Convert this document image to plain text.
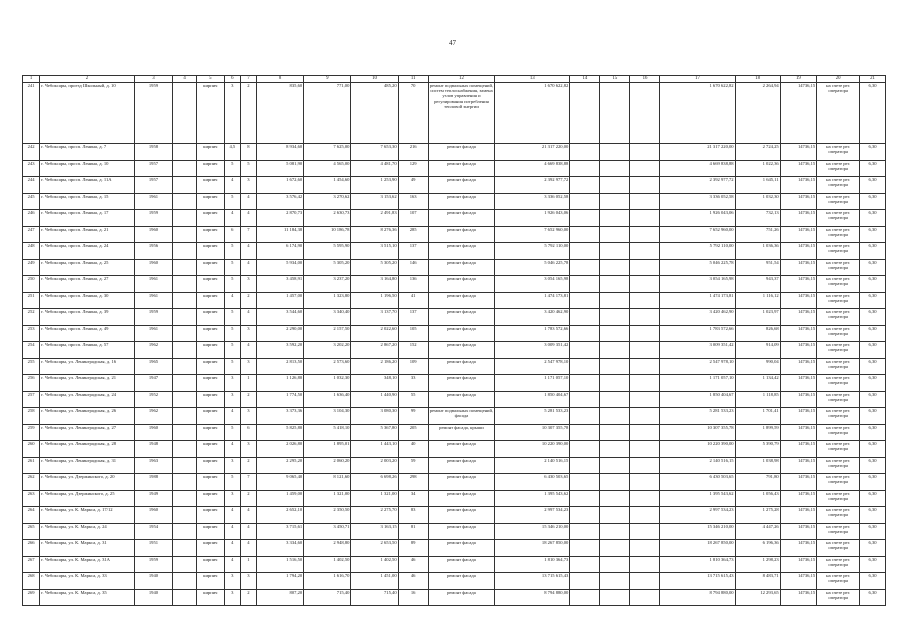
47
1	2	3	4	5	6	7	8	9	10	11	12	13	14	15	16	17	18	19	20	21
241	г. Чебоксары, проезд Школьный, д. 10	1959		кирпич	3	2	835,60	771,00	485,20	70	ремонт подвальных помещений, систем теплоснабжения, замена узлов управления и регулирования потребления тепловой энергии	1 670 622,82				1 670 622,82	2 264,94	14736,15	на счете рег. оператора	6,30
242	г. Чебоксары, просп. Ленина, д. 7	1958		кирпич	4,5	8	8 934,60	7 625,00	7 653,30	216	ремонт фасада	21 317 220,00				21 317 220,00	2 724,25	14736,15	на счете рег. оператора	6,30
243	г. Чебоксары, просп. Ленина, д. 10	1957		кирпич	5	5	5 081,90	4 565,00	4 481,70	129	ремонт фасада	4 669 838,88				4 669 838,88	1 022,36	14736,15	на счете рег. оператора	6,30
244	г. Чебоксары, просп. Ленина, д. 11А	1957		кирпич	4	3	1 672,60	1 454,60	1 253,90	49	ремонт фасада	2 392 977,72				2 392 977,72	1 645,11	14736,15	на счете рег. оператора	6,30
245	г. Чебоксары, просп. Ленина, д. 15	1961		кирпич	5	4	3 576,42	3 270,62	3 153,62	163	ремонт фасада	3 336 052,58				3 336 052,58	1 032,30	14736,15	на счете рег. оператора	6,30
246	г. Чебоксары, просп. Ленина, д. 17	1959		кирпич	4	4	2 870,73	2 630,73	2 491,83	107	ремонт фасада	1 926 043,06				1 926 043,06	732,13	14736,15	на счете рег. оператора	6,30
247	г. Чебоксары, просп. Ленина, д. 21	1960		кирпич	6	7	11 184,38	10 186,78	8 276,36	285	ремонт фасада	7 652 960,00				7 652 960,00	751,26	14736,15	на счете рег. оператора	6,30
248	г. Чебоксары, просп. Ленина, д. 24	1956		кирпич	5	4	6 174,90	5 595,90	3 515,10	137	ремонт фасада	5 792 110,00				5 792 110,00	1 036,36	14736,15	на счете рег. оператора	6,30
249	г. Чебоксары, просп. Ленина, д. 25	1960		кирпич	5	4	5 934,00	5 305,20	5 305,20	146	ремонт фасада	5 046 225,78				5 046 225,78	951,54	14736,15	на счете рег. оператора	6,30
250	г. Чебоксары, просп. Ленина, д. 27	1961		кирпич	5	3	3 458,91	3 237,20	3 164,80	136	ремонт фасада	3 054 165,98				3 054 165,98	943,37	14736,15	на счете рег. оператора	6,30
251	г. Чебоксары, просп. Ленина, д. 30	1961		кирпич	4	2	1 457,00	1 323,80	1 196,50	41	ремонт фасада	1 474 173,81				1 474 173,81	1 116,12	14736,15	на счете рег. оператора	6,30
252	г. Чебоксары, просп. Ленина, д. 39	1959		кирпич	5	4	3 544,60	3 340,40	3 137,70	137	ремонт фасада	3 420 462,90				3 420 462,90	1 023,97	14736,15	на счете рег. оператора	6,30
253	г. Чебоксары, просп. Ленина, д. 49	1961		кирпич	5	3	2 290,00	2 157,50	2 022,60	105	ремонт фасада	1 783 572,66				1 783 572,66	826,68	14736,15	на счете рег. оператора	6,30
254	г. Чебоксары, просп. Ленина, д. 57	1962		кирпич	5	4	3 592,20	3 202,20	2 867,20	152	ремонт фасада	3 009 351,42				3 009 351,42	914,09	14736,15	на счете рег. оператора	6,30
255	г. Чебоксары, ул. Ленинградская, д. 16	1965		кирпич	5	3	2 813,50	2 573,60	2 186,20	109	ремонт фасада	2 547 978,10				2 547 978,10	990,04	14736,15	на счете рег. оператора	6,30
256	г. Чебоксары, ул. Ленинградская, д. 21	1947		кирпич	3	1	1 126,80	1 032,30	348,10	33	ремонт фасада	1 171 057,10				1 171 057,10	1 134,42	14736,15	на счете рег. оператора	6,30
257	г. Чебоксары, ул. Ленинградская, д. 24	1952		кирпич	3	2	1 774,50	1 636,40	1 440,90	55	ремонт фасада	1 850 404,67				1 850 404,67	1 118,85	14736,15	на счете рег. оператора	6,30
258	г. Чебоксары, ул. Ленинградская, д. 26	1962		кирпич	4	3	3 373,36	3 104,30	3 080,30	99	ремонт подвальных помещений, фасада	5 281 533,23				5 281 533,23	1 701,41	14736,15	на счете рег. оператора	6,30
259	г. Чебоксары, ул. Ленинградская, д. 27	1960		кирпич	5	6	5 825,80	5 418,10	5 367,80	205	ремонт фасада, крыши	10 307 355,78				10 307 355,78	1 899,59	14736,15	на счете рег. оператора	6,30
260	г. Чебоксары, ул. Ленинградская, д. 28	1948		кирпич	4	3	2 026,80	1 895,01	1 443,10	40	ремонт фасада	10 220 390,00				10 220 390,00	5 390,79	14736,15	на счете рег. оператора	6,30
261	г. Чебоксары, ул. Ленинградская, д. 31	1963		кирпич	3	2	2 295,20	2 060,20	2 003,20	59	ремонт фасада	2 140 516,15				2 140 516,15	1 038,98	14736,15	на счете рег. оператора	6,30
262	г. Чебоксары, ул. Дзержинского, д. 20	1988		кирпич	5	7	9 065,40	8 121,60	6 698,26	298	ремонт фасада	6 430 503,65				6 430 503,65	791,80	14736,15	на счете рег. оператора	6,30
263	г. Чебоксары, ул. Дзержинского, д. 25	1949		кирпич	3	2	1 459,00	1 321,00	1 321,00	34	ремонт фасада	1 395 543,62				1 395 543,62	1 056,43	14736,15	на счете рег. оператора	6,30
264	г. Чебоксары, ул. К. Маркса, д. 17/12	1960		кирпич	4	4	2 652,10	2 350,50	2 275,70	83	ремонт фасада	2 997 534,23				2 997 534,23	1 275,28	14736,15	на счете рег. оператора	6,30
265	г. Чебоксары, ул. К. Маркса, д. 24	1954		кирпич	4	4	3 715,61	3 450,71	3 163,15	81	ремонт фасада	15 346 210,00				15 346 210,00	4 447,26	14736,15	на счете рег. оператора	6,30
266	г. Чебоксары, ул. К. Маркса, д. 31	1951		кирпич	4	4	3 334,60	2 948,80	2 653,50	89	ремонт фасада	18 267 850,00				18 267 850,00	6 196,36	14736,15	на счете рег. оператора	6,30
267	г. Чебоксары, ул. К. Маркса, д. 31А	1959		кирпич	4	1	1 516,50	1 402,50	1 402,50	46	ремонт фасада	1 810 364,73				1 810 364,73	1 298,23	14736,15	на счете рег. оператора	6,30
268	г. Чебоксары, ул. К. Маркса, д. 33	1940		кирпич	3	3	1 794,20	1 616,70	1 451,00	46	ремонт фасада	13 715 615,43				13 715 615,43	8 483,71	14736,15	на счете рег. оператора	6,30
269	г. Чебоксары, ул. К. Маркса, д. 35	1940		кирпич	3	2	807,20	715,40	715,40	16	ремонт фасада	8 794 880,00				8 794 880,00	12 293,65	14736,15	на счете рег. оператора	6,30
